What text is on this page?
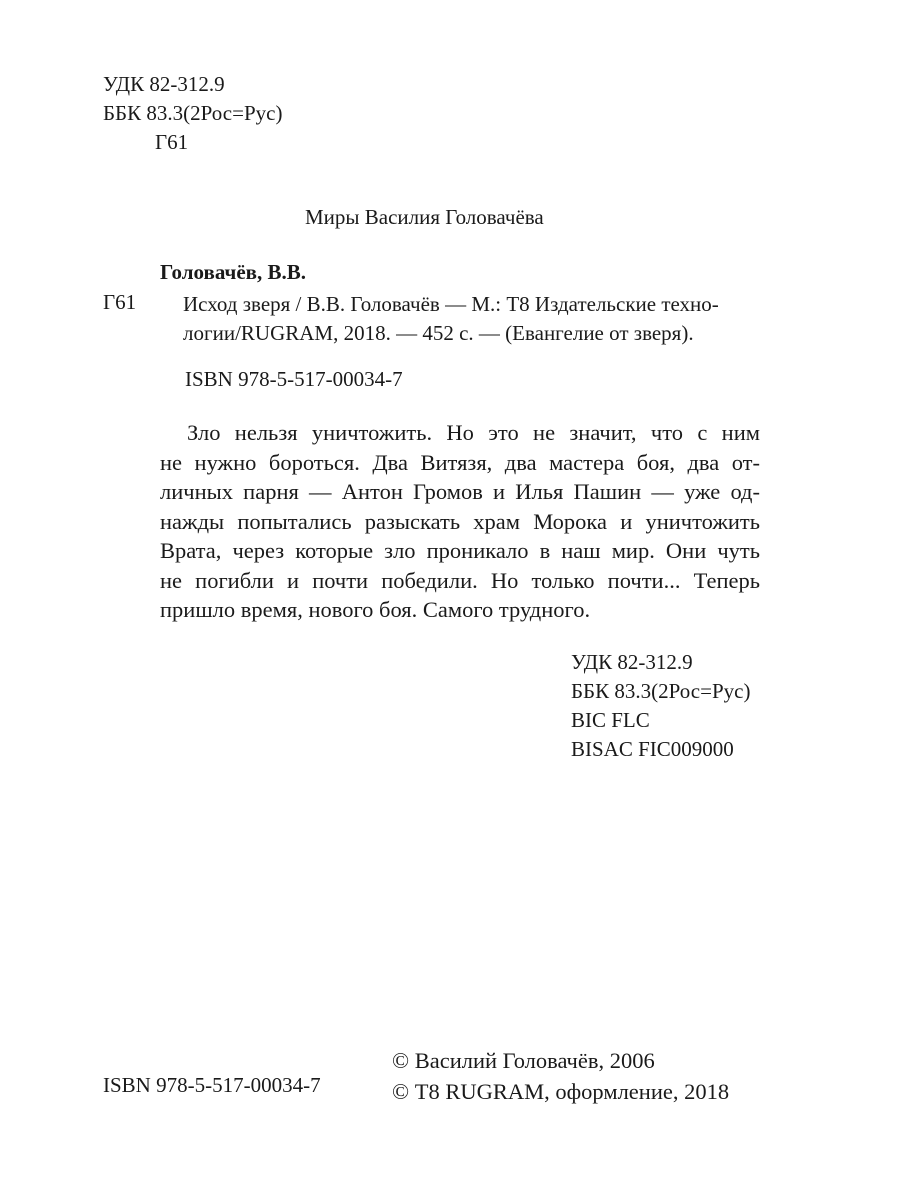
УДК 82-312.9
ББК 83.3(2Рос=Рус)
Г61
Миры Василия Головачёва
Головачёв, В.В.
Г61 Исход зверя / В.В. Головачёв — М.: Т8 Издательские техно-
логии/RUGRAM, 2018. — 452 с. — (Евангелие от зверя).
ISBN 978-5-517-00034-7
Зло нельзя уничтожить. Но это не значит, что с ним
не нужно бороться. Два Витязя, два мастера боя, два от-
личных парня — Антон Громов и Илья Пашин — уже од-
нажды попытались разыскать храм Морока и уничтожить
Врата, через которые зло проникало в наш мир. Они чуть
не погибли и почти победили. Но только почти... Теперь
пришло время, нового боя. Самого трудного.
УДК 82-312.9
ББК 83.3(2Рос=Рус)
BIC FLC
BISAC FIC009000
ISBN 978-5-517-00034-7
© Василий Головачёв, 2006
© Т8 RUGRAM, оформление, 2018
